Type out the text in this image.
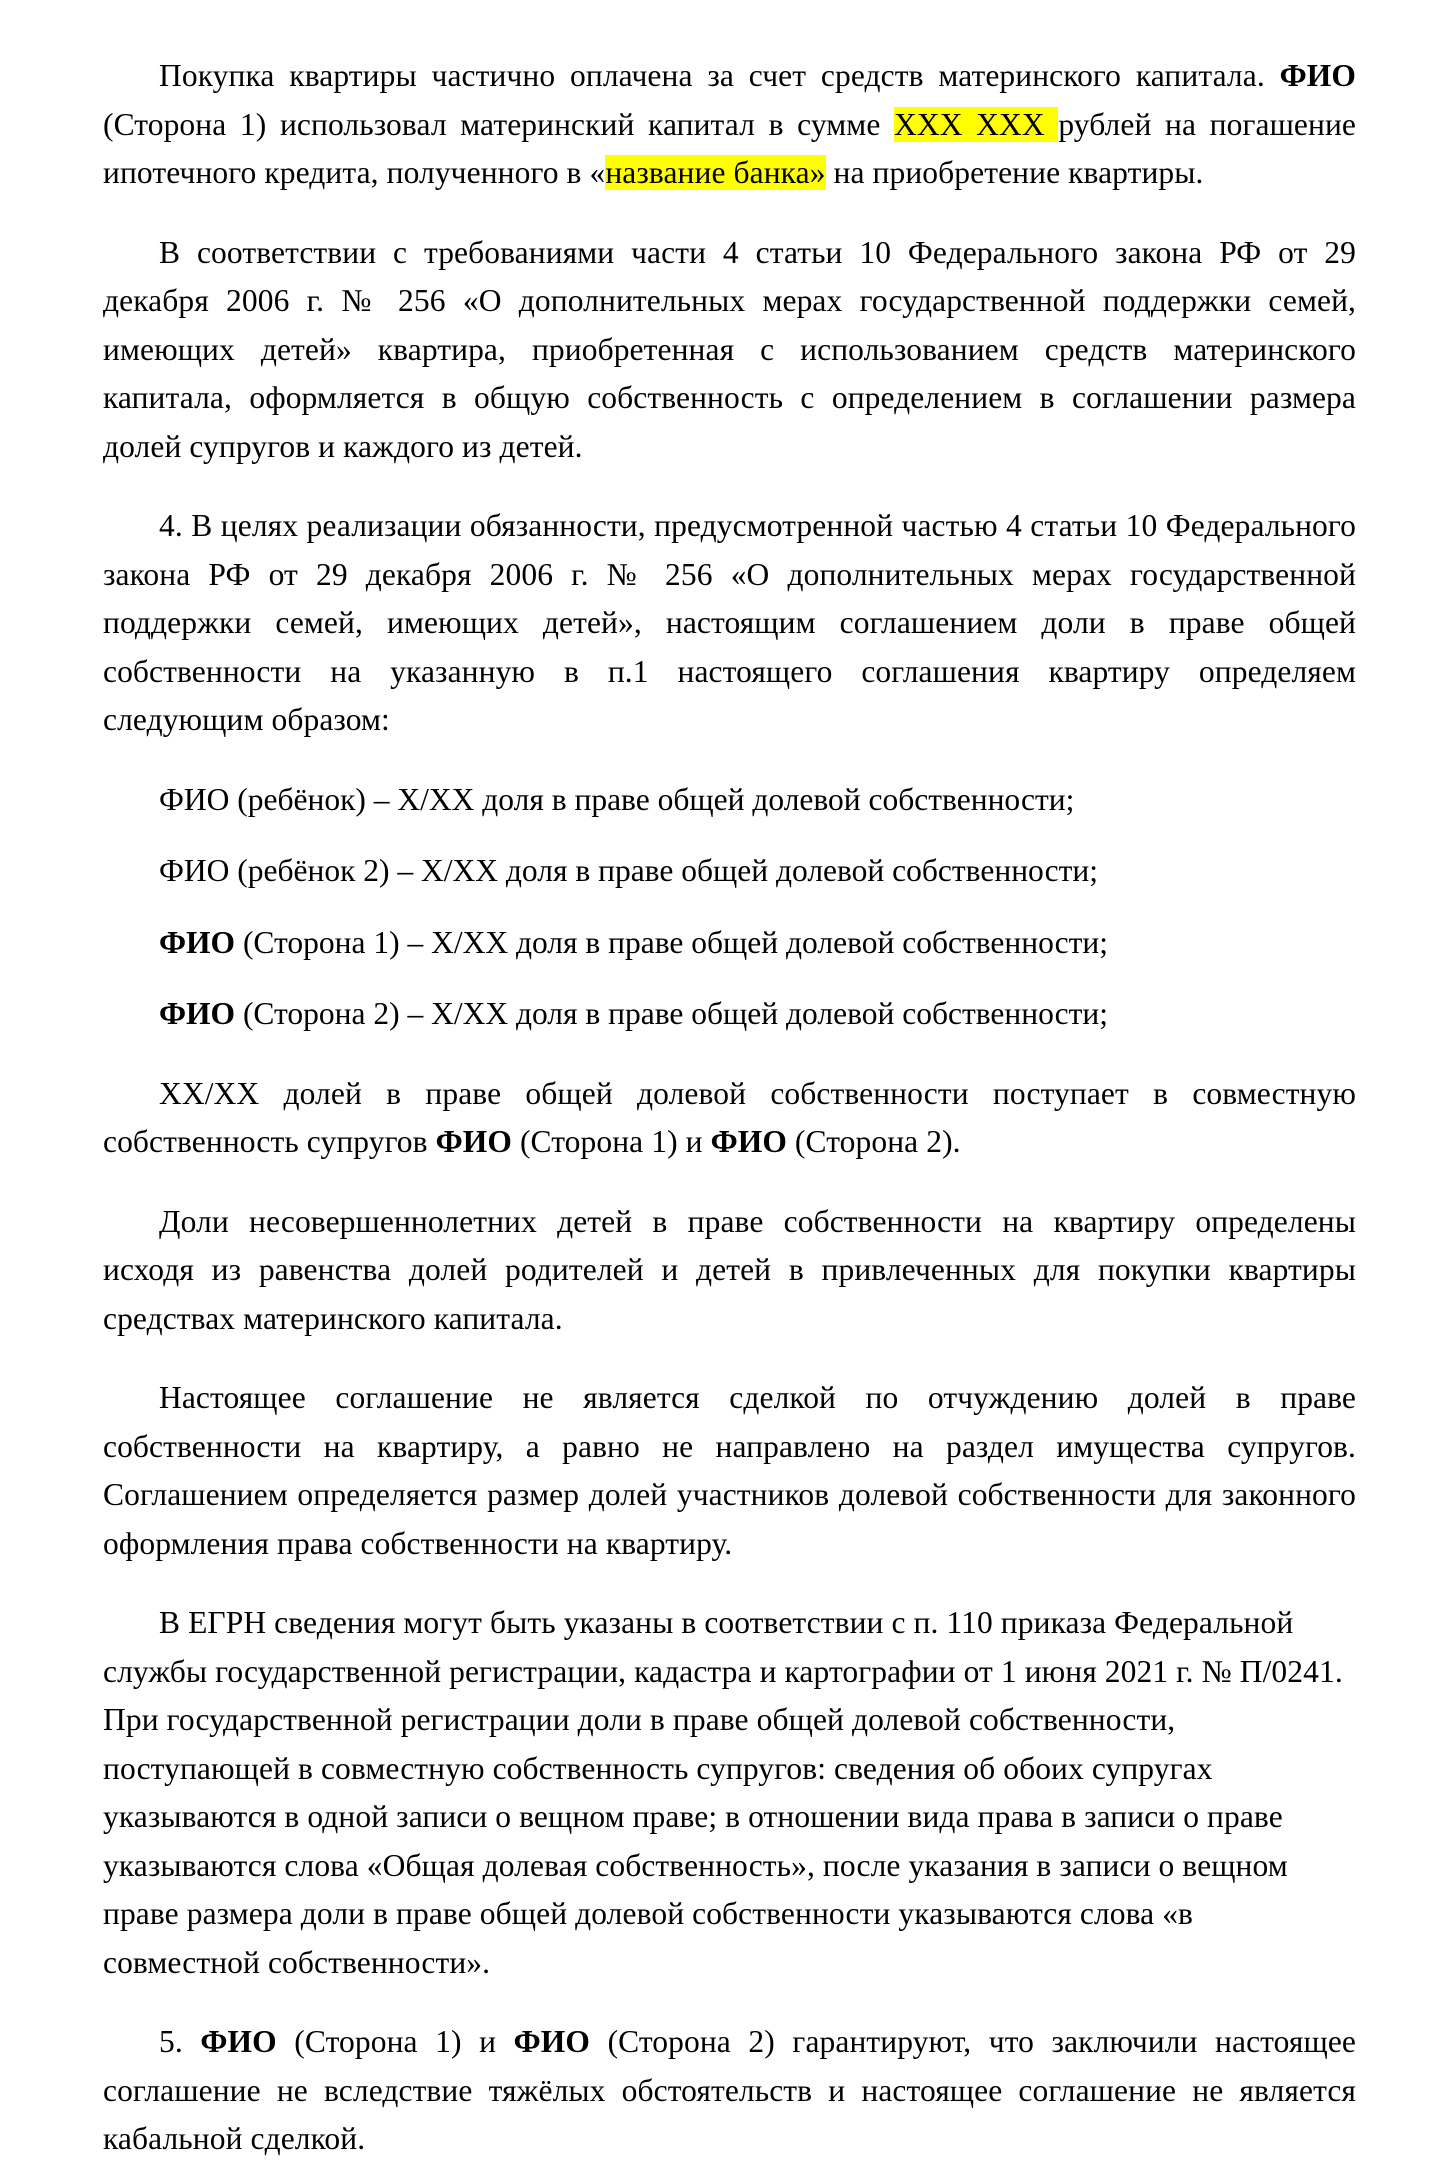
Покупка квартиры частично оплачена за счет средств материнского капитала. ФИО (Сторона 1) использовал материнский капитал в сумме ХХХ ХХХ рублей на погашение ипотечного кредита, полученного в «название банка» на приобретение квартиры.

В соответствии с требованиями части 4 статьи 10 Федерального закона РФ от 29 декабря 2006 г. № 256 «О дополнительных мерах государственной поддержки семей, имеющих детей» квартира, приобретенная с использованием средств материнского капитала, оформляется в общую собственность с определением в соглашении размера долей супругов и каждого из детей.

4. В целях реализации обязанности, предусмотренной частью 4 статьи 10 Федерального закона РФ от 29 декабря 2006 г. № 256 «О дополнительных мерах государственной поддержки семей, имеющих детей», настоящим соглашением доли в праве общей собственности на указанную в п.1 настоящего соглашения квартиру определяем следующим образом:

ФИО (ребёнок) – Х/ХХ доля в праве общей долевой собственности;

ФИО (ребёнок 2) – Х/ХХ доля в праве общей долевой собственности;

ФИО (Сторона 1) – Х/ХХ доля в праве общей долевой собственности;

ФИО (Сторона 2) – Х/ХХ доля в праве общей долевой собственности;

ХХ/ХХ долей в праве общей долевой собственности поступает в совместную собственность супругов ФИО (Сторона 1) и ФИО (Сторона 2).

Доли несовершеннолетних детей в праве собственности на квартиру определены исходя из равенства долей родителей и детей в привлеченных для покупки квартиры средствах материнского капитала.

Настоящее соглашение не является сделкой по отчуждению долей в праве собственности на квартиру, а равно не направлено на раздел имущества супругов. Соглашением определяется размер долей участников долевой собственности для законного оформления права собственности на квартиру.

В ЕГРН сведения могут быть указаны в соответствии с п. 110 приказа Федеральной службы государственной регистрации, кадастра и картографии от 1 июня 2021 г. № П/0241. При государственной регистрации доли в праве общей долевой собственности, поступающей в совместную собственность супругов: сведения об обоих супругах указываются в одной записи о вещном праве; в отношении вида права в записи о праве указываются слова «Общая долевая собственность», после указания в записи о вещном праве размера доли в праве общей долевой собственности указываются слова «в совместной собственности».

5. ФИО (Сторона 1) и ФИО (Сторона 2) гарантируют, что заключили настоящее соглашение не вследствие тяжёлых обстоятельств и настоящее соглашение не является кабальной сделкой.
